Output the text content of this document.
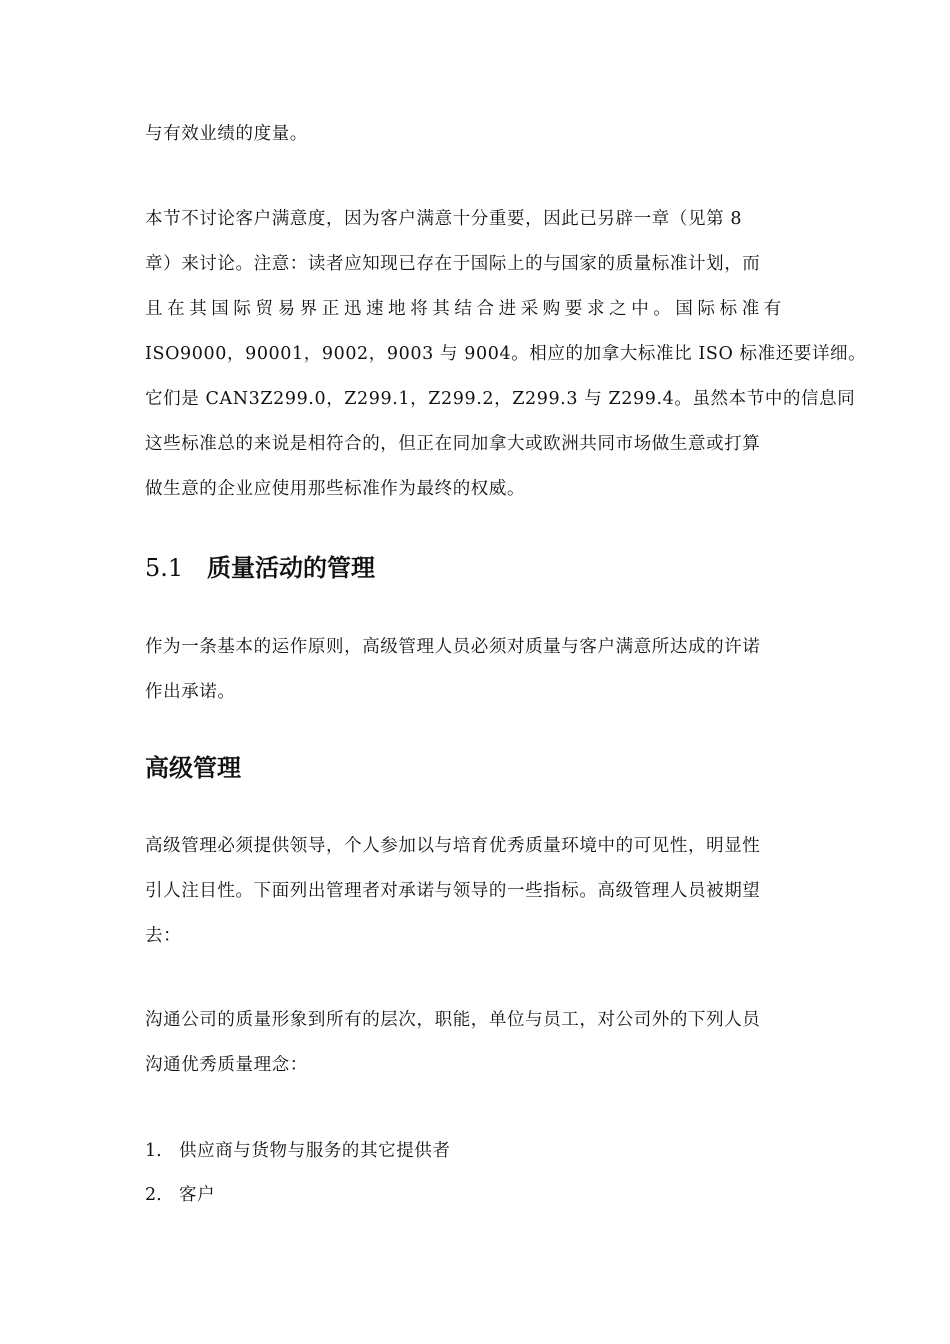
与有效业绩的度量。
本节不讨论客户满意度，因为客户满意十分重要，因此已另辟一章（见第 8
章）来讨论。注意：读者应知现已存在于国际上的与国家的质量标准计划，而
且在其国际贸易界正迅速地将其结合进采购要求之中。国际标准有
ISO9000，90001，9002，9003 与 9004。相应的加拿大标准比 ISO 标准还要详细。
它们是 CAN3Z299.0，Z299.1，Z299.2，Z299.3 与 Z299.4。虽然本节中的信息同
这些标准总的来说是相符合的，但正在同加拿大或欧洲共同市场做生意或打算
做生意的企业应使用那些标准作为最终的权威。
5.1 质量活动的管理
作为一条基本的运作原则，高级管理人员必须对质量与客户满意所达成的许诺
作出承诺。
高级管理
高级管理必须提供领导，个人参加以与培育优秀质量环境中的可见性，明显性
引人注目性。下面列出管理者对承诺与领导的一些指标。高级管理人员被期望
去：
沟通公司的质量形象到所有的层次，职能，单位与员工，对公司外的下列人员
沟通优秀质量理念：
1. 供应商与货物与服务的其它提供者
2. 客户
